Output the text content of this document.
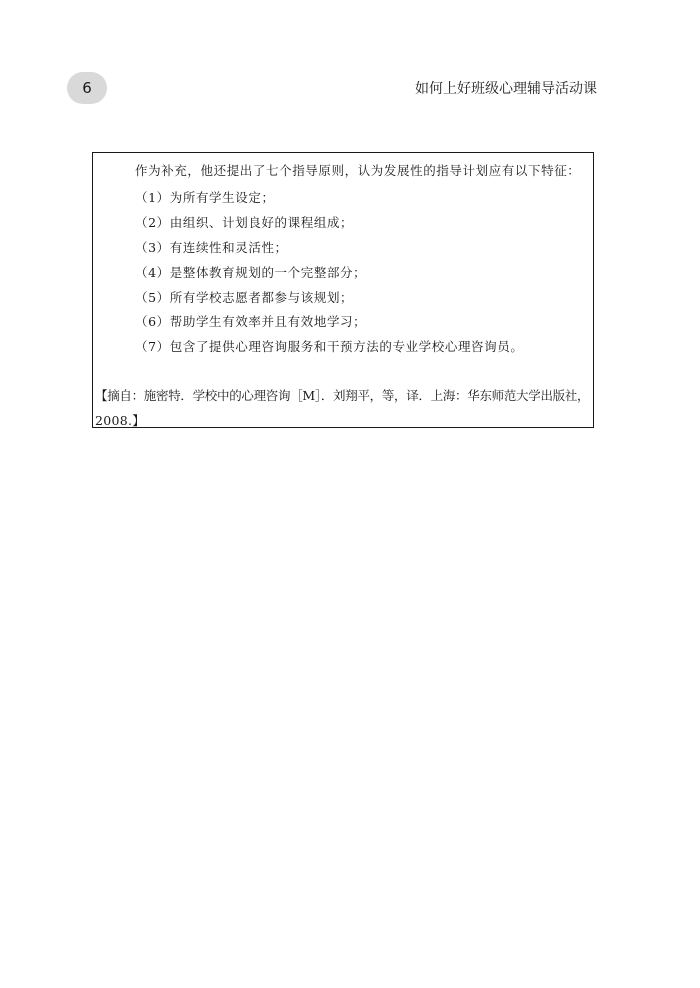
6	如何上好班级心理辅导活动课
作为补充，他还提出了七个指导原则，认为发展性的指导计划应有以下特征：
（1）为所有学生设定；
（2）由组织、计划良好的课程组成；
（3）有连续性和灵活性；
（4）是整体教育规划的一个完整部分；
（5）所有学校志愿者都参与该规划；
（6）帮助学生有效率并且有效地学习；
（7）包含了提供心理咨询服务和干预方法的专业学校心理咨询员。
【摘自：施密特．学校中的心理咨询［M］．刘翔平，等，译．上海：华东师范大学出版社，
2008.】
